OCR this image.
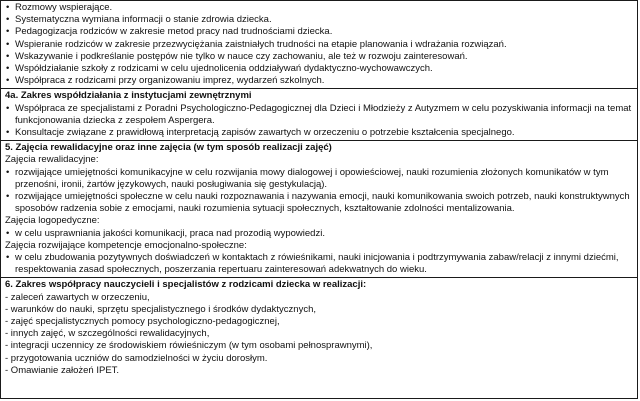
• Rozmowy wspierające.
• Systematyczna wymiana informacji o stanie zdrowia dziecka.
• Pedagogizacja rodziców w zakresie metod pracy nad trudnościami dziecka.
• Wspieranie rodziców w zakresie przezwyciężania zaistniałych trudności na etapie planowania i wdrażania rozwiązań.
• Wskazywanie i podkreślanie postępów nie tylko w nauce czy zachowaniu, ale też w rozwoju zainteresowań.
• Współdziałanie szkoły z rodzicami w celu ujednolicenia oddziaływań dydaktyczno-wychowawczych.
• Współpraca z rodzicami przy organizowaniu imprez, wydarzeń szkolnych.

4a. Zakres współdziałania z instytucjami zewnętrznymi

• Współpraca ze specjalistami z Poradni Psychologiczno-Pedagogicznej dla Dzieci i Młodzieży z Autyzmem w celu pozyskiwania informacji na temat funkcjonowania dziecka z zespołem Aspergera.
• Konsultacje związane z prawidłową interpretacją zapisów zawartych w orzeczeniu o potrzebie kształcenia specjalnego.

5. Zajęcia rewalidacyjne oraz inne zajęcia (w tym sposób realizacji zajęć)

Zajęcia rewalidacyjne:

• rozwijające umiejętności komunikacyjne w celu rozwijania mowy dialogowej i opowieściowej, nauki rozumienia złożonych komunikatów w tym przenośni, ironii, żartów językowych, nauki posługiwania się gestykulacją).
• rozwijające umiejętności społeczne w celu nauki rozpoznawania i nazywania emocji, nauki komunikowania swoich potrzeb, nauki konstruktywnych sposobów radzenia sobie z emocjami, nauki rozumienia sytuacji społecznych, kształtowanie zdolności mentalizowania.

Zajęcia logopedyczne:

• w celu usprawniania jakości komunikacji, praca nad prozodią wypowiedzi.

Zajęcia rozwijające kompetencje emocjonalno-społeczne:

• w celu zbudowania pozytywnych doświadczeń w kontaktach z rówieśnikami, nauki inicjowania i podtrzymywania zabaw/relacji z innymi dziećmi, respektowania zasad społecznych, poszerzania repertuaru zainteresowań adekwatnych do wieku.

6. Zakres współpracy nauczycieli i specjalistów z rodzicami dziecka w realizacji:

- zaleceń zawartych w orzeczeniu,
- warunków do nauki, sprzętu specjalistycznego i środków dydaktycznych,
- zajęć specjalistycznych pomocy psychologiczno-pedagogicznej,
- innych zajęć, w szczególności rewalidacyjnych,
- integracji uczennicy ze środowiskiem rówieśniczym (w tym osobami pełnosprawnymi),
- przygotowania uczniów do samodzielności w życiu dorosłym.
- Omawianie założeń IPET.
